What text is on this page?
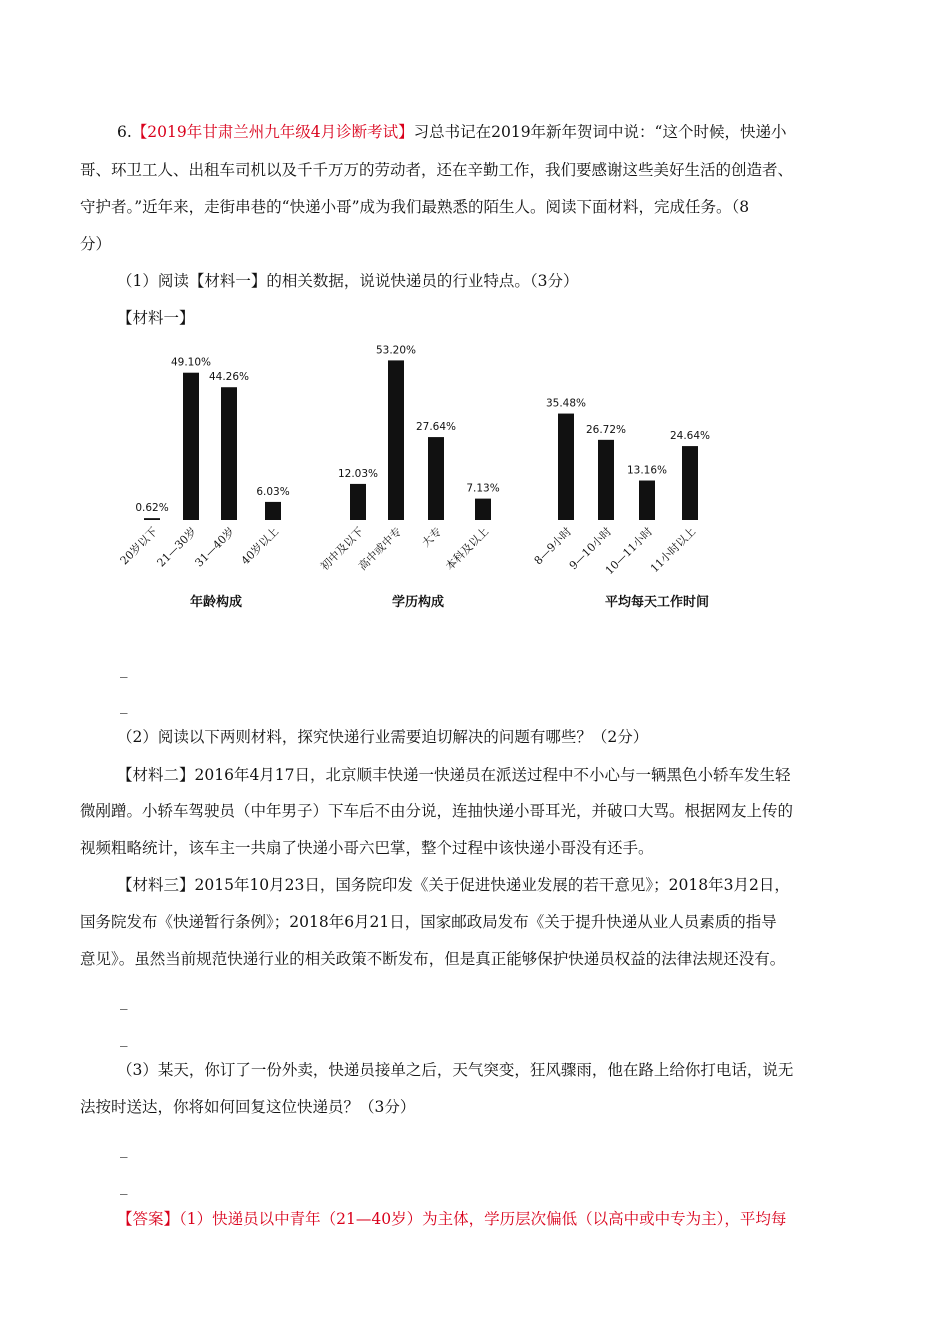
6.【2019年甘肃兰州九年级4月诊断考试】习总书记在2019年新年贺词中说：“这个时候，快递小
哥、环卫工人、出租车司机以及千千万万的劳动者，还在辛勤工作，我们要感谢这些美好生活的创造者、
守护者。”近年来，走街串巷的“快递小哥”成为我们最熟悉的陌生人。阅读下面材料，完成任务。（8
分）
（1）阅读【材料一】的相关数据，说说快递员的行业特点。（3分）
【材料一】
0.62%
20岁以下
49.10%
21—30岁
44.26%
31—40岁
6.03%
40岁以上
年龄构成
12.03%
初中及以下
53.20%
高中或中专
27.64%
大专
7.13%
本科及以上
学历构成
35.48%
8—9小时
26.72%
9—10小时
13.16%
10—11小时
24.64%
11小时以上
平均每天工作时间
_
_
（2）阅读以下两则材料，探究快递行业需要迫切解决的问题有哪些？（2分）
【材料二】2016年4月17日，北京顺丰快递一快递员在派送过程中不小心与一辆黑色小轿车发生轻
微剐蹭。小轿车驾驶员（中年男子）下车后不由分说，连抽快递小哥耳光，并破口大骂。根据网友上传的
视频粗略统计，该车主一共扇了快递小哥六巴掌，整个过程中该快递小哥没有还手。
【材料三】2015年10月23日，国务院印发《关于促进快递业发展的若干意见》；2018年3月2日，
国务院发布《快递暂行条例》；2018年6月21日，国家邮政局发布《关于提升快递从业人员素质的指导
意见》。虽然当前规范快递行业的相关政策不断发布，但是真正能够保护快递员权益的法律法规还没有。
_
_
（3）某天，你订了一份外卖，快递员接单之后，天气突变，狂风骤雨，他在路上给你打电话，说无
法按时送达，你将如何回复这位快递员？（3分）
_
_
【答案】（1）快递员以中青年（21—40岁）为主体，学历层次偏低（以高中或中专为主），平均每
